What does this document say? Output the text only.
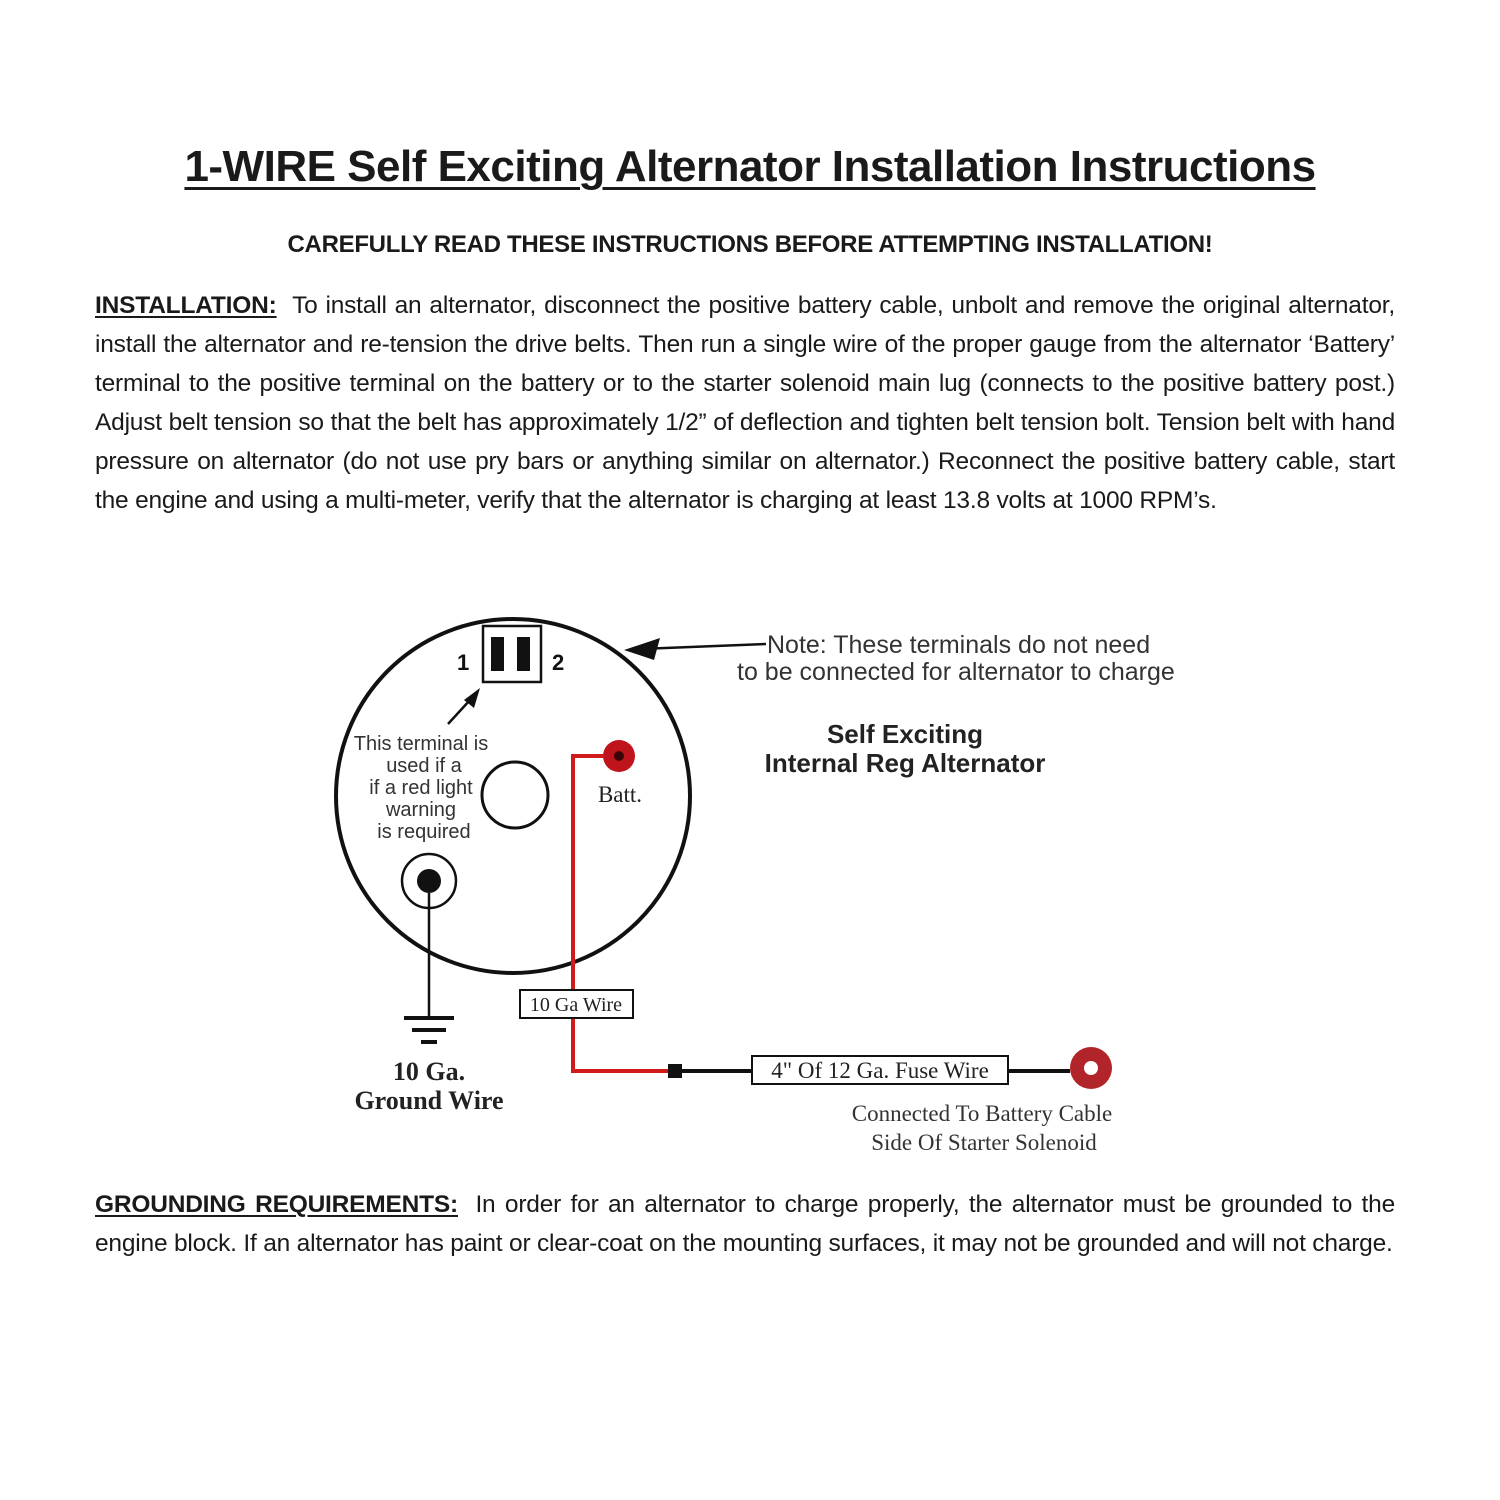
1-WIRE Self Exciting Alternator Installation Instructions
CAREFULLY READ THESE INSTRUCTIONS BEFORE ATTEMPTING INSTALLATION!
INSTALLATION: To install an alternator, disconnect the positive battery cable, unbolt and remove the original alternator, install the alternator and re-tension the drive belts. Then run a single wire of the proper gauge from the alternator ‘Battery’ terminal to the positive terminal on the battery or to the starter solenoid main lug (connects to the positive battery post.) Adjust belt tension so that the belt has approximately 1/2” of deflection and tighten belt tension bolt. Tension belt with hand pressure on alternator (do not use pry bars or anything similar on alternator.) Reconnect the positive battery cable, start the engine and using a multi-meter, verify that the alternator is charging at least 13.8 volts at 1000 RPM’s.
1	2
Note: These terminals do not need
to be connected for alternator to charge
Self Exciting
Internal Reg Alternator
This terminal is
used if a
if a red light
warning
is required
10 Ga.
Ground Wire
Batt.
10 Ga Wire
4" Of 12 Ga. Fuse Wire
Connected To Battery Cable
Side Of Starter Solenoid
GROUNDING REQUIREMENTS: In order for an alternator to charge properly, the alternator must be grounded to the engine block. If an alternator has paint or clear-coat on the mounting surfaces, it may not be grounded and will not charge.
